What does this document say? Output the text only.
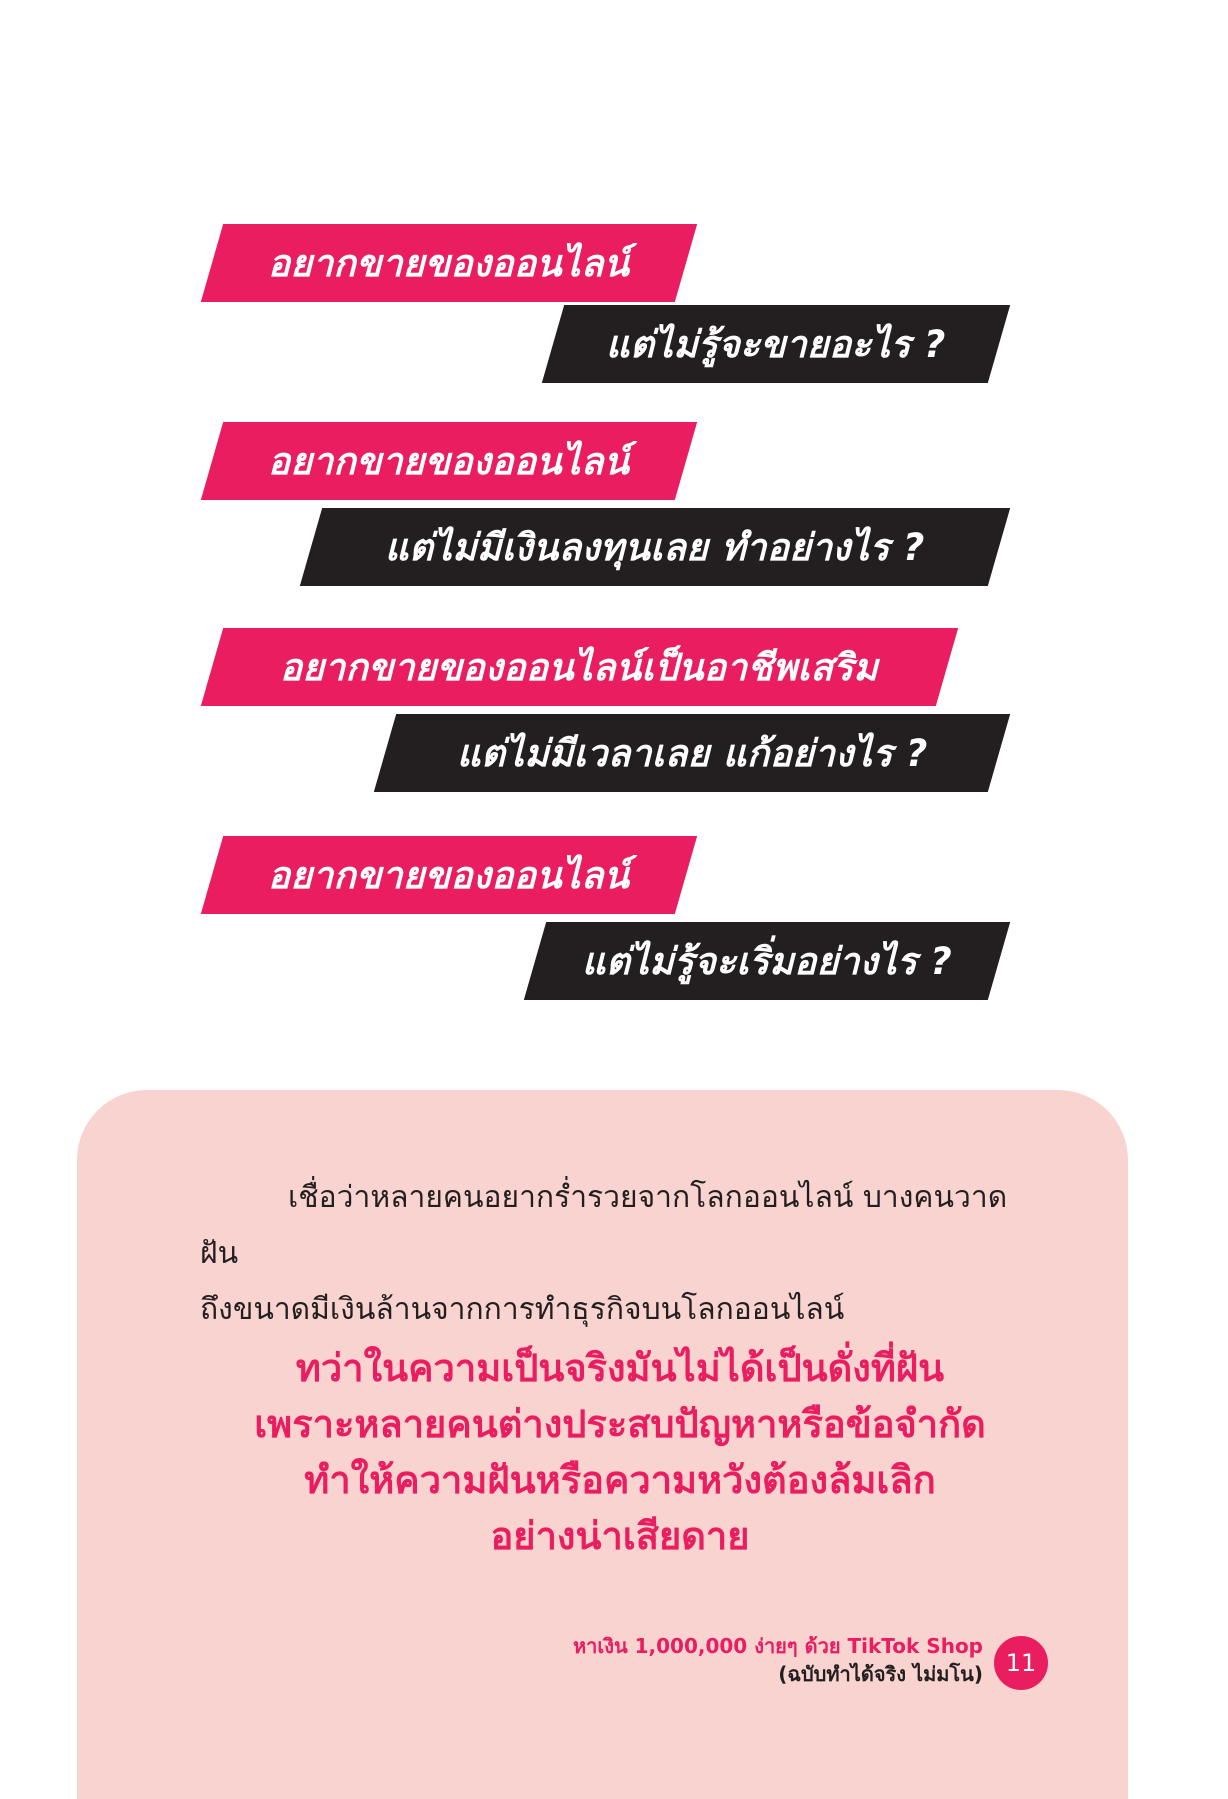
อยากขายของออนไลน์
แต่ไม่รู้จะขายอะไร ?
อยากขายของออนไลน์
แต่ไม่มีเงินลงทุนเลย ทำอย่างไร ?
อยากขายของออนไลน์เป็นอาชีพเสริม
แต่ไม่มีเวลาเลย แก้อย่างไร ?
อยากขายของออนไลน์
แต่ไม่รู้จะเริ่มอย่างไร ?

เชื่อว่าหลายคนอยากร่ำรวยจากโลกออนไลน์ บางคนวาดฝัน

ถึงขนาดมีเงินล้านจากการทำธุรกิจบนโลกออนไลน์

ทว่าในความเป็นจริงมันไม่ได้เป็นดั่งที่ฝัน

เพราะหลายคนต่างประสบปัญหาหรือข้อจำกัด

ทำให้ความฝันหรือความหวังต้องล้มเลิก

อย่างน่าเสียดาย

หาเงิน 1,000,000 ง่ายๆ ด้วย TikTok Shop
(ฉบับทำได้จริง ไม่มโน) 11
